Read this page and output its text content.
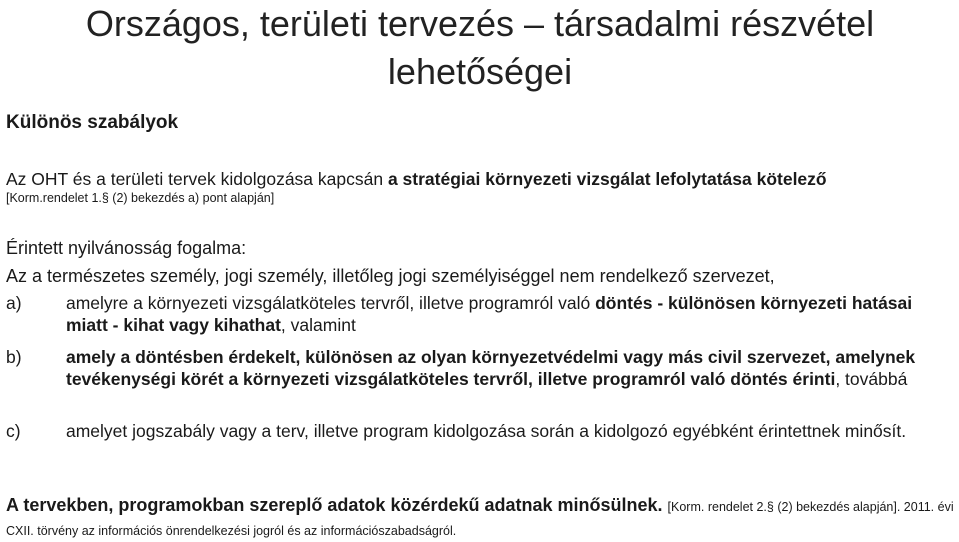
Országos, területi tervezés – társadalmi részvétel lehetőségei

Különös szabályok

Az OHT és a területi tervek kidolgozása kapcsán a stratégiai környezeti vizsgálat lefolytatása kötelező

[Korm.rendelet 1.§ (2) bekezdés a) pont alapján]

Érintett nyilvánosság fogalma:

Az a természetes személy, jogi személy, illetőleg jogi személyiséggel nem rendelkező szervezet,

a)	amelyre a környezeti vizsgálatköteles tervről, illetve programról való döntés - különösen környezeti hatásai miatt - kihat vagy kihathat, valamint
b)	amely a döntésben érdekelt, különösen az olyan környezetvédelmi vagy más civil szervezet, amelynek tevékenységi körét a környezeti vizsgálatköteles tervről, illetve programról való döntés érinti, továbbá
c)	amelyet jogszabály vagy a terv, illetve program kidolgozása során a kidolgozó egyébként érintettnek minősít.

A tervekben, programokban szereplő adatok közérdekű adatnak minősülnek. [Korm. rendelet 2.§ (2) bekezdés alapján]. 2011. évi CXII. törvény az információs önrendelkezési jogról és az információszabadságról.
